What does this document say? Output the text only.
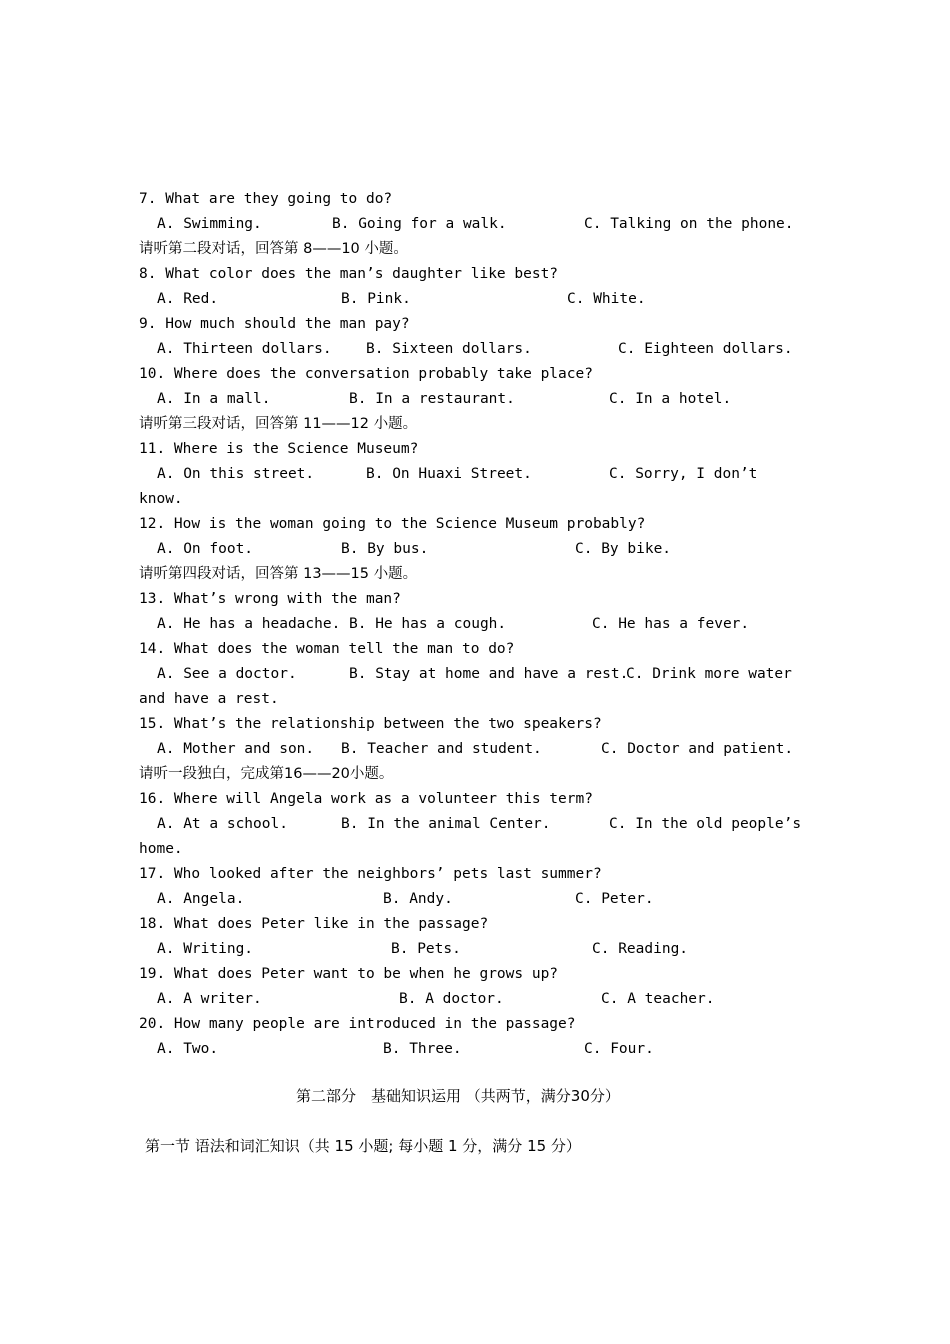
7. What are they going to do?
A. Swimming.	B. Going for a walk.	C. Talking on the phone.
请听第二段对话，回答第 8——10 小题。
8. What color does the man’s daughter like best?
A. Red.	B. Pink.	C. White.
9. How much should the man pay?
A. Thirteen dollars. B. Sixteen dollars.	C. Eighteen dollars.
10. Where does the conversation probably take place?
A. In a mall.	B. In a restaurant.	C. In a hotel.
请听第三段对话，回答第 11——12 小题。
11. Where is the Science Museum?
A. On this street.	B. On Huaxi Street.	C. Sorry, I don’t
know.
12. How is the woman going to the Science Museum probably?
A. On foot.	B. By bus.	C. By bike.
请听第四段对话，回答第 13——15 小题。
13. What’s wrong with the man?
A. He has a headache. B. He has a cough.	C. He has a fever.
14. What does the woman tell the man to do?
A. See a doctor.	B. Stay at home and have a rest.
C. Drink more water
and have a rest.
15. What’s the relationship between the two speakers?
A. Mother and son. B. Teacher and student.	C. Doctor and patient.
请听一段独白，完成第16——20小题。
16. Where will Angela work as a volunteer this term?
A. At a school.	B. In the animal Center.	C. In the old people’s
home.
17. Who looked after the neighbors’ pets last summer?
A. Angela.	B. Andy.	C. Peter.
18. What does Peter like in the passage?
A. Writing.	B. Pets.	C. Reading.
19. What does Peter want to be when he grows up?
A. A writer.	B. A doctor.	C. A teacher.
20. How many people are introduced in the passage?
A. Two.	B. Three.	C. Four.
第二部分　基础知识运用 （共两节，满分30分）
第一节 语法和词汇知识（共 15 小题; 每小题 1 分，满分 15 分）
